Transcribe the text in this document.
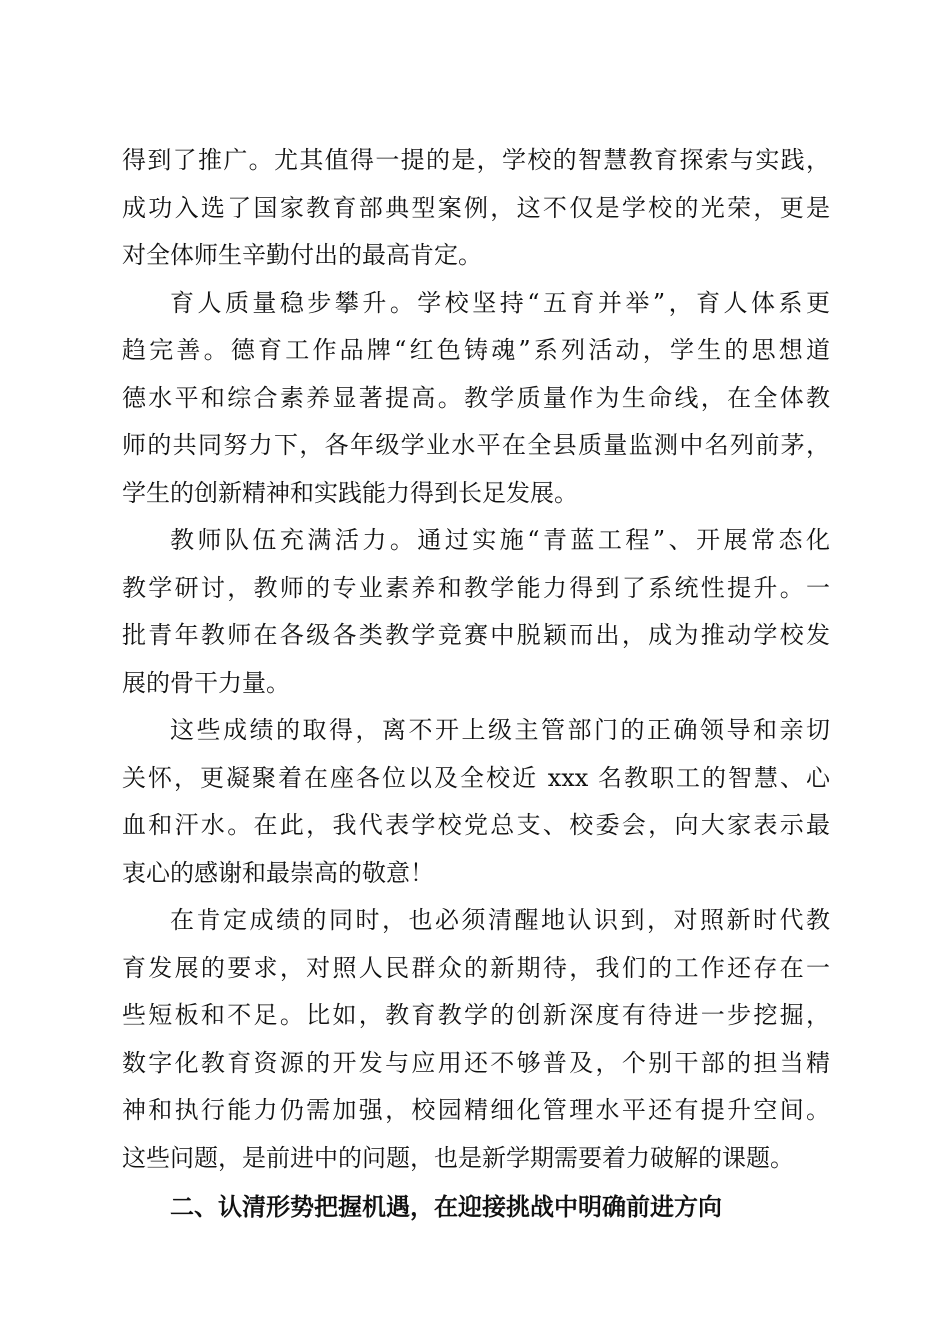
得到了推广。尤其值得一提的是，学校的智慧教育探索与实践，
成功入选了国家教育部典型案例，这不仅是学校的光荣，更是
对全体师生辛勤付出的最高肯定。
育人质量稳步攀升。学校坚持“五育并举”，育人体系更
趋完善。德育工作品牌“红色铸魂”系列活动，学生的思想道
德水平和综合素养显著提高。教学质量作为生命线，在全体教
师的共同努力下，各年级学业水平在全县质量监测中名列前茅，
学生的创新精神和实践能力得到长足发展。
教师队伍充满活力。通过实施“青蓝工程”、开展常态化
教学研讨，教师的专业素养和教学能力得到了系统性提升。一
批青年教师在各级各类教学竞赛中脱颖而出，成为推动学校发
展的骨干力量。
这些成绩的取得，离不开上级主管部门的正确领导和亲切
关怀，更凝聚着在座各位以及全校近 xxx 名教职工的智慧、心
血和汗水。在此，我代表学校党总支、校委会，向大家表示最
衷心的感谢和最崇高的敬意！
在肯定成绩的同时，也必须清醒地认识到，对照新时代教
育发展的要求，对照人民群众的新期待，我们的工作还存在一
些短板和不足。比如，教育教学的创新深度有待进一步挖掘，
数字化教育资源的开发与应用还不够普及，个别干部的担当精
神和执行能力仍需加强，校园精细化管理水平还有提升空间。
这些问题，是前进中的问题，也是新学期需要着力破解的课题。
二、认清形势把握机遇，在迎接挑战中明确前进方向
